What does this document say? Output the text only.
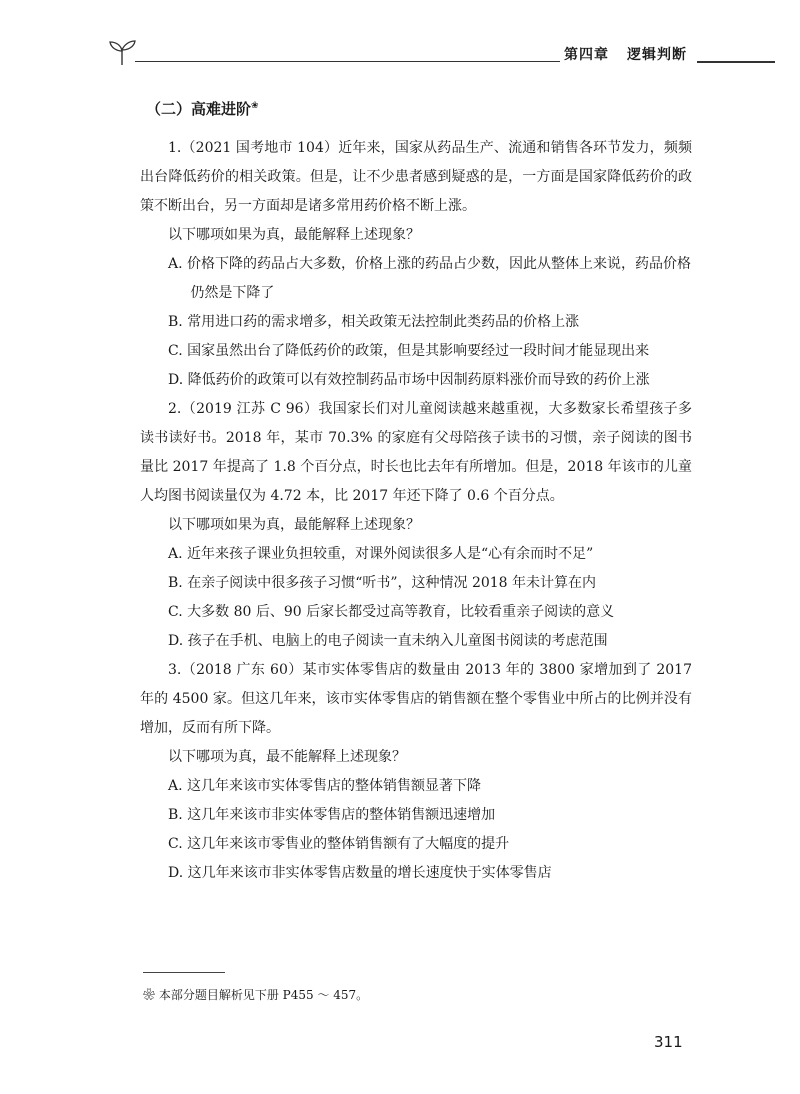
第四章 逻辑判断
（二）高难进阶❀

1.（2021 国考地市 104）近年来，国家从药品生产、流通和销售各环节发力，频频出台降低药价的相关政策。但是，让不少患者感到疑惑的是，一方面是国家降低药价的政策不断出台，另一方面却是诸多常用药价格不断上涨。

以下哪项如果为真，最能解释上述现象？

A. 价格下降的药品占大多数，价格上涨的药品占少数，因此从整体上来说，药品价格仍然是下降了

B. 常用进口药的需求增多，相关政策无法控制此类药品的价格上涨

C. 国家虽然出台了降低药价的政策，但是其影响要经过一段时间才能显现出来

D. 降低药价的政策可以有效控制药品市场中因制药原料涨价而导致的药价上涨

2.（2019 江苏 C 96）我国家长们对儿童阅读越来越重视，大多数家长希望孩子多读书读好书。2018 年，某市 70.3% 的家庭有父母陪孩子读书的习惯，亲子阅读的图书量比 2017 年提高了 1.8 个百分点，时长也比去年有所增加。但是，2018 年该市的儿童人均图书阅读量仅为 4.72 本，比 2017 年还下降了 0.6 个百分点。

以下哪项如果为真，最能解释上述现象？

A. 近年来孩子课业负担较重，对课外阅读很多人是“心有余而时不足”

B. 在亲子阅读中很多孩子习惯“听书”，这种情况 2018 年未计算在内

C. 大多数 80 后、90 后家长都受过高等教育，比较看重亲子阅读的意义

D. 孩子在手机、电脑上的电子阅读一直未纳入儿童图书阅读的考虑范围

3.（2018 广东 60）某市实体零售店的数量由 2013 年的 3800 家增加到了 2017 年的 4500 家。但这几年来，该市实体零售店的销售额在整个零售业中所占的比例并没有增加，反而有所下降。

以下哪项为真，最不能解释上述现象？

A. 这几年来该市实体零售店的整体销售额显著下降

B. 这几年来该市非实体零售店的整体销售额迅速增加

C. 这几年来该市零售业的整体销售额有了大幅度的提升

D. 这几年来该市非实体零售店数量的增长速度快于实体零售店

❀ 本部分题目解析见下册 P455 ～ 457。
311
